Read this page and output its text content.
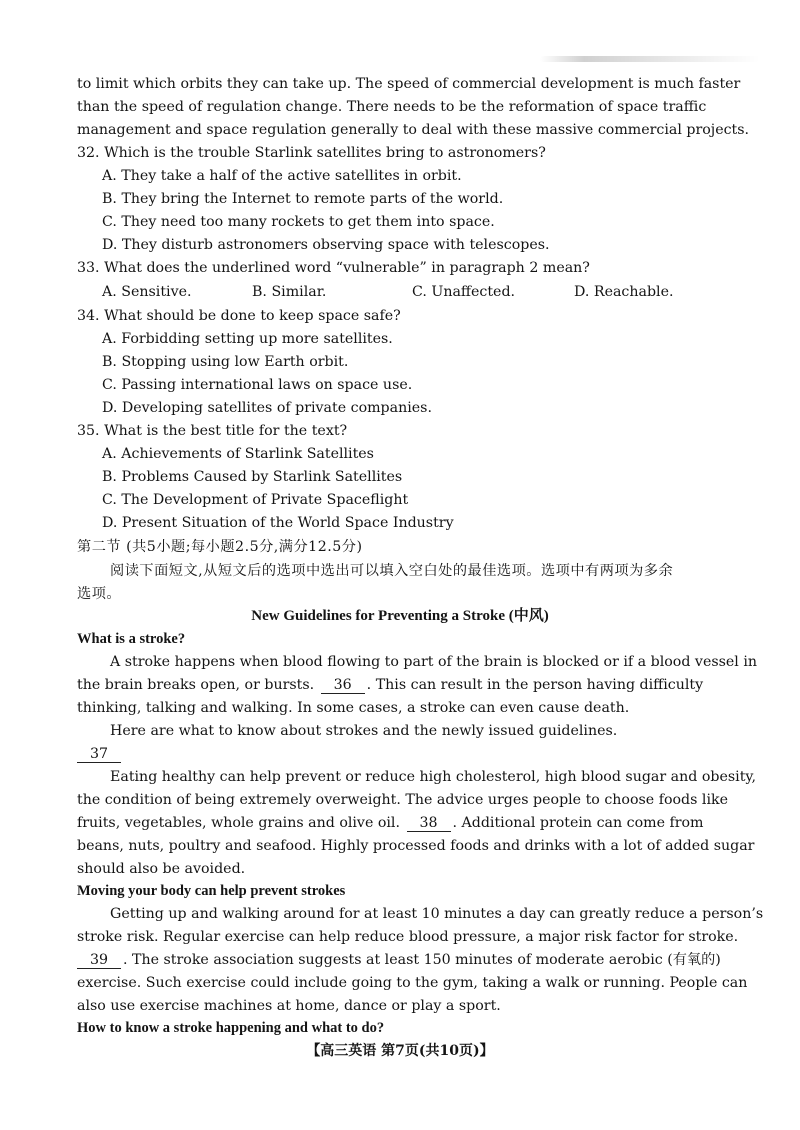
to limit which orbits they can take up. The speed of commercial development is much faster
than the speed of regulation change. There needs to be the reformation of space traffic
management and space regulation generally to deal with these massive commercial projects.
32. Which is the trouble Starlink satellites bring to astronomers?
A. They take a half of the active satellites in orbit.
B. They bring the Internet to remote parts of the world.
C. They need too many rockets to get them into space.
D. They disturb astronomers observing space with telescopes.
33. What does the underlined word “vulnerable” in paragraph 2 mean?
A. Sensitive.	B. Similar.	C. Unaffected.	D. Reachable.
34. What should be done to keep space safe?
A. Forbidding setting up more satellites.
B. Stopping using low Earth orbit.
C. Passing international laws on space use.
D. Developing satellites of private companies.
35. What is the best title for the text?
A. Achievements of Starlink Satellites
B. Problems Caused by Starlink Satellites
C. The Development of Private Spaceflight
D. Present Situation of the World Space Industry
第二节 (共5小题;每小题2.5分,满分12.5分)
阅读下面短文,从短文后的选项中选出可以填入空白处的最佳选项。选项中有两项为多余
选项。
New Guidelines for Preventing a Stroke (中风)
What is a stroke?
A stroke happens when blood flowing to part of the brain is blocked or if a blood vessel in
the brain breaks open, or bursts. 36 . This can result in the person having difficulty
thinking, talking and walking. In some cases, a stroke can even cause death.
Here are what to know about strokes and the newly issued guidelines.
37
Eating healthy can help prevent or reduce high cholesterol, high blood sugar and obesity,
the condition of being extremely overweight. The advice urges people to choose foods like
fruits, vegetables, whole grains and olive oil. 38 . Additional protein can come from
beans, nuts, poultry and seafood. Highly processed foods and drinks with a lot of added sugar
should also be avoided.
Moving your body can help prevent strokes
Getting up and walking around for at least 10 minutes a day can greatly reduce a person’s
stroke risk. Regular exercise can help reduce blood pressure, a major risk factor for stroke.
39 . The stroke association suggests at least 150 minutes of moderate aerobic (有氧的)
exercise. Such exercise could include going to the gym, taking a walk or running. People can
also use exercise machines at home, dance or play a sport.
How to know a stroke happening and what to do?
【高三英语 第7页(共10页)】
